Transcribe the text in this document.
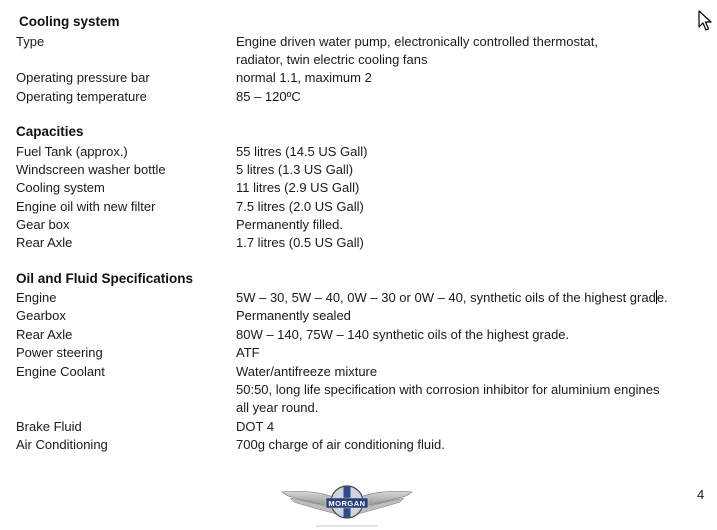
Cooling system
Type	Engine driven water pump, electronically controlled thermostat,
radiator, twin electric cooling fans
Operating pressure bar	normal 1.1, maximum 2
Operating temperature	85 – 120ºC
Capacities
Fuel Tank (approx.)	55 litres (14.5 US Gall)
Windscreen washer bottle	5 litres (1.3 US Gall)
Cooling system	11 litres (2.9 US Gall)
Engine oil with new filter	7.5 litres (2.0 US Gall)
Gear box	Permanently filled.
Rear Axle	1.7 litres (0.5 US Gall)
Oil and Fluid Specifications
Engine	5W – 30, 5W – 40, 0W – 30 or 0W – 40, synthetic oils of the highest grade.
Gearbox	Permanently sealed
Rear Axle	80W – 140, 75W – 140 synthetic oils of the highest grade.
Power steering	ATF
Engine Coolant	Water/antifreeze mixture
50:50, long life specification with corrosion inhibitor for aluminium engines
all year round.
Brake Fluid	DOT 4
Air Conditioning	700g charge of air conditioning fluid.
MORGAN
4
